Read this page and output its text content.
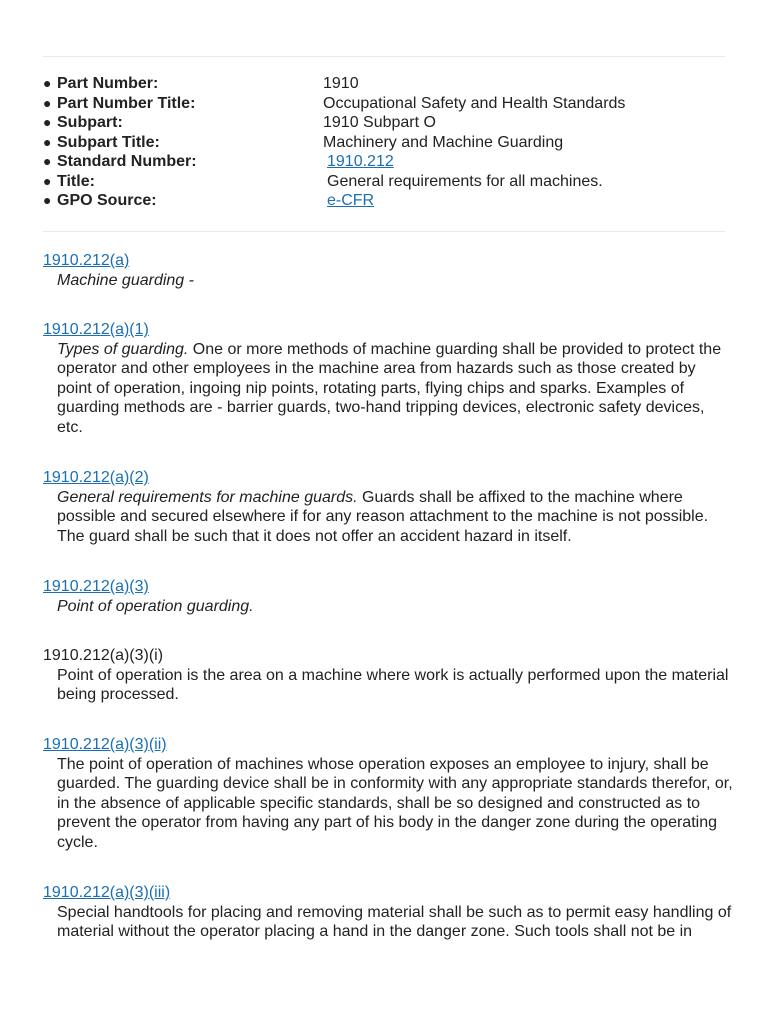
● Part Number:	1910
● Part Number Title:	Occupational Safety and Health Standards
● Subpart:	1910 Subpart O
● Subpart Title:	Machinery and Machine Guarding
● Standard Number:	1910.212
● Title:	General requirements for all machines.
● GPO Source:	e-CFR
1910.212(a)
Machine guarding -
1910.212(a)(1)
Types of guarding. One or more methods of machine guarding shall be provided to protect the operator and other employees in the machine area from hazards such as those created by point of operation, ingoing nip points, rotating parts, flying chips and sparks. Examples of guarding methods are - barrier guards, two-hand tripping devices, electronic safety devices, etc.
1910.212(a)(2)
General requirements for machine guards. Guards shall be affixed to the machine where possible and secured elsewhere if for any reason attachment to the machine is not possible. The guard shall be such that it does not offer an accident hazard in itself.
1910.212(a)(3)
Point of operation guarding.
1910.212(a)(3)(i)
Point of operation is the area on a machine where work is actually performed upon the material being processed.
1910.212(a)(3)(ii)
The point of operation of machines whose operation exposes an employee to injury, shall be guarded. The guarding device shall be in conformity with any appropriate standards therefor, or, in the absence of applicable specific standards, shall be so designed and constructed as to prevent the operator from having any part of his body in the danger zone during the operating cycle.
1910.212(a)(3)(iii)
Special handtools for placing and removing material shall be such as to permit easy handling of material without the operator placing a hand in the danger zone. Such tools shall not be in
